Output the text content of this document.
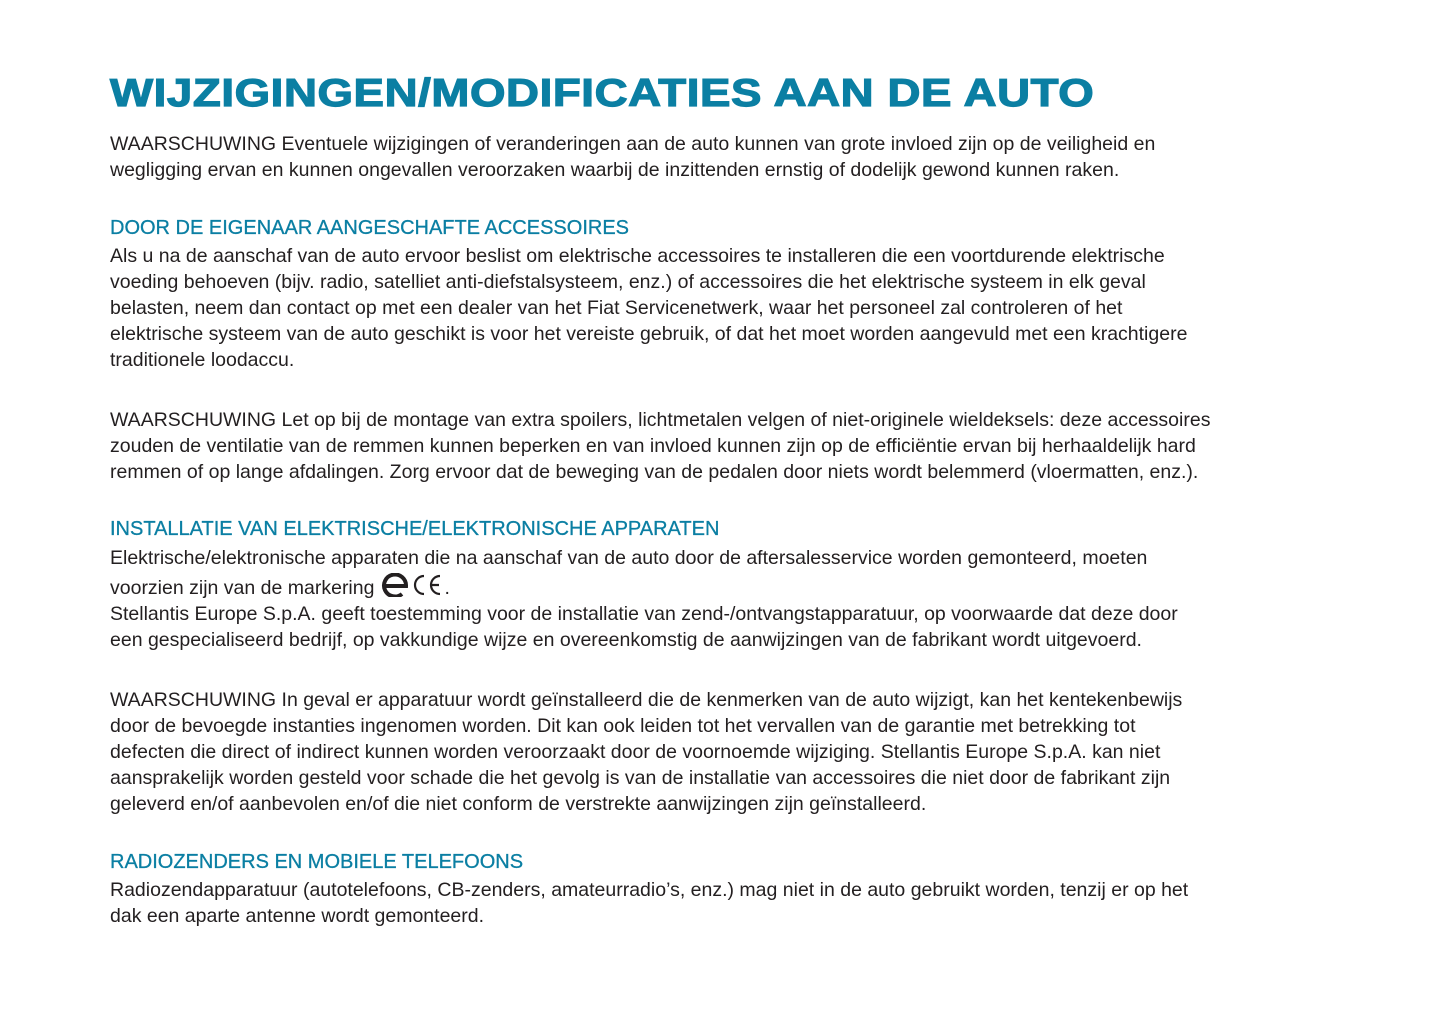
WIJZIGINGEN/MODIFICATIES AAN DE AUTO
WAARSCHUWING Eventuele wijzigingen of veranderingen aan de auto kunnen van grote invloed zijn op de veiligheid en
wegligging ervan en kunnen ongevallen veroorzaken waarbij de inzittenden ernstig of dodelijk gewond kunnen raken.
DOOR DE EIGENAAR AANGESCHAFTE ACCESSOIRES
Als u na de aanschaf van de auto ervoor beslist om elektrische accessoires te installeren die een voortdurende elektrische
voeding behoeven (bijv. radio, satelliet anti-diefstalsysteem, enz.) of accessoires die het elektrische systeem in elk geval
belasten, neem dan contact op met een dealer van het Fiat Servicenetwerk, waar het personeel zal controleren of het
elektrische systeem van de auto geschikt is voor het vereiste gebruik, of dat het moet worden aangevuld met een krachtigere
traditionele loodaccu.
WAARSCHUWING Let op bij de montage van extra spoilers, lichtmetalen velgen of niet-originele wieldeksels: deze accessoires
zouden de ventilatie van de remmen kunnen beperken en van invloed kunnen zijn op de efficiëntie ervan bij herhaaldelijk hard
remmen of op lange afdalingen. Zorg ervoor dat de beweging van de pedalen door niets wordt belemmerd (vloermatten, enz.).
INSTALLATIE VAN ELEKTRISCHE/ELEKTRONISCHE APPARATEN
Elektrische/elektronische apparaten die na aanschaf van de auto door de aftersalesservice worden gemonteerd, moeten
voorzien zijn van de markering	.
Stellantis Europe S.p.A. geeft toestemming voor de installatie van zend-/ontvangstapparatuur, op voorwaarde dat deze door
een gespecialiseerd bedrijf, op vakkundige wijze en overeenkomstig de aanwijzingen van de fabrikant wordt uitgevoerd.
WAARSCHUWING In geval er apparatuur wordt geïnstalleerd die de kenmerken van de auto wijzigt, kan het kentekenbewijs
door de bevoegde instanties ingenomen worden. Dit kan ook leiden tot het vervallen van de garantie met betrekking tot
defecten die direct of indirect kunnen worden veroorzaakt door de voornoemde wijziging. Stellantis Europe S.p.A. kan niet
aansprakelijk worden gesteld voor schade die het gevolg is van de installatie van accessoires die niet door de fabrikant zijn
geleverd en/of aanbevolen en/of die niet conform de verstrekte aanwijzingen zijn geïnstalleerd.
RADIOZENDERS EN MOBIELE TELEFOONS
Radiozendapparatuur (autotelefoons, CB-zenders, amateurradio’s, enz.) mag niet in de auto gebruikt worden, tenzij er op het
dak een aparte antenne wordt gemonteerd.
